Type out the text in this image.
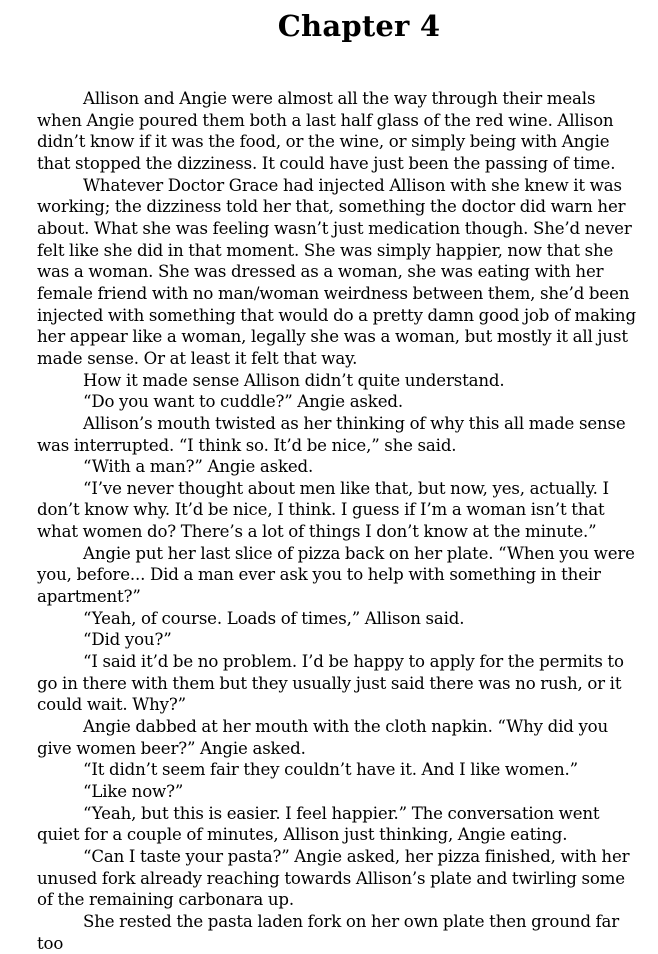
Chapter 4

Allison and Angie were almost all the way through their meals when Angie poured them both a last half glass of the red wine. Allison didn’t know if it was the food, or the wine, or simply being with Angie that stopped the dizziness. It could have just been the passing of time.

Whatever Doctor Grace had injected Allison with she knew it was working; the dizziness told her that, something the doctor did warn her about. What she was feeling wasn’t just medication though. She’d never felt like she did in that moment. She was simply happier, now that she was a woman. She was dressed as a woman, she was eating with her female friend with no man/woman weirdness between them, she’d been injected with something that would do a pretty damn good job of making her appear like a woman, legally she was a woman, but mostly it all just made sense. Or at least it felt that way.

How it made sense Allison didn’t quite understand.

“Do you want to cuddle?” Angie asked.

Allison’s mouth twisted as her thinking of why this all made sense was interrupted. “I think so. It’d be nice,” she said.

“With a man?” Angie asked.

“I’ve never thought about men like that, but now, yes, actually. I don’t know why. It’d be nice, I think. I guess if I’m a woman isn’t that what women do? There’s a lot of things I don’t know at the minute.”

Angie put her last slice of pizza back on her plate. “When you were you, before... Did a man ever ask you to help with something in their apartment?”

“Yeah, of course. Loads of times,” Allison said.

“Did you?”

“I said it’d be no problem. I’d be happy to apply for the permits to go in there with them but they usually just said there was no rush, or it could wait. Why?”

Angie dabbed at her mouth with the cloth napkin. “Why did you give women beer?” Angie asked.

“It didn’t seem fair they couldn’t have it. And I like women.”

“Like now?”

“Yeah, but this is easier. I feel happier.” The conversation went quiet for a couple of minutes, Allison just thinking, Angie eating.

“Can I taste your pasta?” Angie asked, her pizza finished, with her unused fork already reaching towards Allison’s plate and twirling some of the remaining carbonara up.

She rested the pasta laden fork on her own plate then ground far too
